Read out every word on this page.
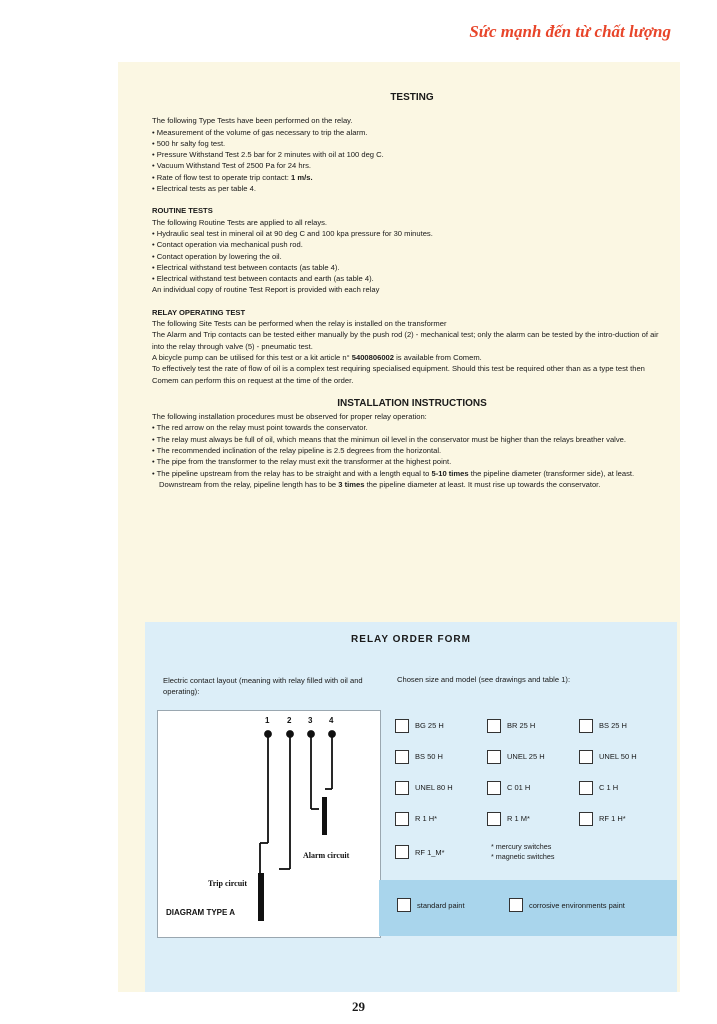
Sức mạnh đến từ chất lượng
TESTING

The following Type Tests have been performed on the relay.

• Measurement of the volume of gas necessary to trip the alarm.

• 500 hr salty fog test.

• Pressure Withstand Test 2.5 bar for 2 minutes with oil at 100 deg C.

• Vacuum Withstand Test of 2500 Pa for 24 hrs.

• Rate of flow test to operate trip contact: 1 m/s.

• Electrical tests as per table 4.

ROUTINE TESTS

The following Routine Tests are applied to all relays.

• Hydraulic seal test in mineral oil at 90 deg C and 100 kpa pressure for 30 minutes.

• Contact operation via mechanical push rod.

• Contact operation by lowering the oil.

• Electrical withstand test between contacts (as table 4).

• Electrical withstand test between contacts and earth (as table 4).

An individual copy of routine Test Report is provided with each relay

RELAY OPERATING TEST

The following Site Tests can be performed when the relay is installed on the transformer

The Alarm and Trip contacts can be tested either manually by the push rod (2) - mechanical test; only the alarm can be tested by the intro-duction of air into the relay through valve (5) - pneumatic test.

A bicycle pump can be utilised for this test or a kit article n° 5400806002 is available from Comem.

To effectively test the rate of flow of oil is a complex test requiring specialised equipment. Should this test be required other than as a type test then Comem can perform this on request at the time of the order.

INSTALLATION INSTRUCTIONS

The following installation procedures must be observed for proper relay operation:

• The red arrow on the relay must point towards the conservator.

• The relay must always be full of oil, which means that the minimun oil level in the conservator must be higher than the relays breather valve.

• The recommended inclination of the relay pipeline is 2.5 degrees from the horizontal.

• The pipe from the transformer to the relay must exit the transformer at the highest point.

• The pipeline upstream from the relay has to be straight and with a length equal to 5-10 times the pipeline diameter (transformer side), at least.

Downstream from the relay, pipeline length has to be 3 times the pipeline diameter at least. It must rise up towards the conservator.

RELAY ORDER FORM
Electric contact layout (meaning with relay filled with oil and operating):
Chosen size and model (see drawings and table 1):
1 2 3 4
Alarm circuit
Trip circuit
DIAGRAM TYPE A
BG 25 H	BR 25 H	BS 25 H
BS 50 H	UNEL 25 H	UNEL 50 H
UNEL 80 H	C 01 H	C 1 H
R 1 H*	R 1 M*	RF 1 H*
RF 1_M*
* mercury switches
* magnetic switches
standard paint	corrosive environments paint
29
